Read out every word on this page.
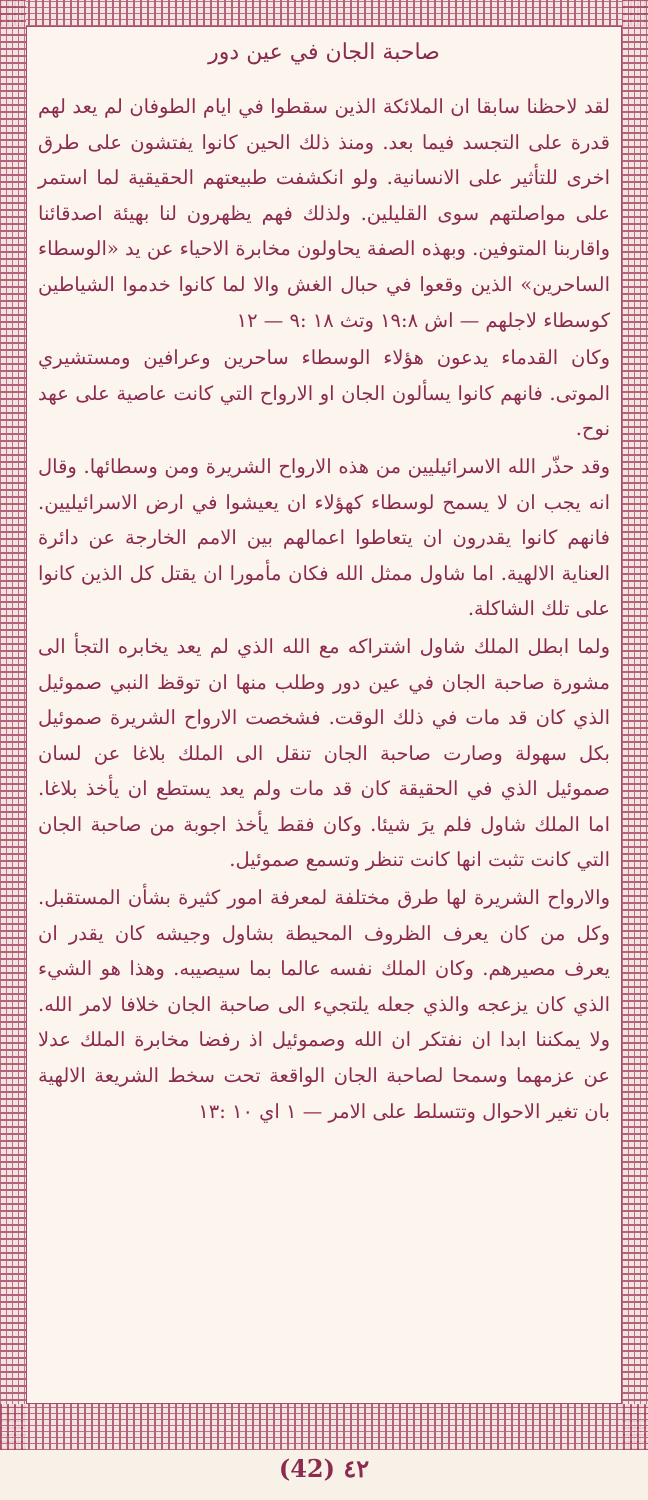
صاحبة الجان في عين دور

لقد لاحظنا سابقا ان الملائكة الذين سقطوا في ايام الطوفان لم يعد لهم قدرة على التجسد فيما بعد. ومنذ ذلك الحين كانوا يفتشون على طرق اخرى للتأثير على الانسانية. ولو انكشفت طبيعتهم الحقيقية لما استمر على مواصلتهم سوى القليلين. ولذلك فهم يظهرون لنا بهيئة اصدقائنا واقاربنا المتوفين. وبهذه الصفة يحاولون مخابرة الاحياء عن يد «الوسطاء الساحرين» الذين وقعوا في حبال الغش والا لما كانوا خدموا الشياطين كوسطاء لاجلهم — اش ١٩:٨ وتث ١٨ :٩ — ١٢

وكان القدماء يدعون هؤلاء الوسطاء ساحرين وعرافين ومستشيري الموتى. فانهم كانوا يسألون الجان او الارواح التي كانت عاصية على عهد نوح.

وقد حذّر الله الاسرائيليين من هذه الارواح الشريرة ومن وسطائها. وقال انه يجب ان لا يسمح لوسطاء كهؤلاء ان يعيشوا في ارض الاسرائيليين. فانهم كانوا يقدرون ان يتعاطوا اعمالهم بين الامم الخارجة عن دائرة العناية الالهية. اما شاول ممثل الله فكان مأمورا ان يقتل كل الذين كانوا على تلك الشاكلة.

ولما ابطل الملك شاول اشتراكه مع الله الذي لم يعد يخابره التجأ الى مشورة صاحبة الجان في عين دور وطلب منها ان توقظ النبي صموئيل الذي كان قد مات في ذلك الوقت. فشخصت الارواح الشريرة صموئيل بكل سهولة وصارت صاحبة الجان تنقل الى الملك بلاغا عن لسان صموئيل الذي في الحقيقة كان قد مات ولم يعد يستطع ان يأخذ بلاغا. اما الملك شاول فلم يرَ شيئا. وكان فقط يأخذ اجوبة من صاحبة الجان التي كانت تثبت انها كانت تنظر وتسمع صموئيل.

والارواح الشريرة لها طرق مختلفة لمعرفة امور كثيرة بشأن المستقبل. وكل من كان يعرف الظروف المحيطة بشاول وجيشه كان يقدر ان يعرف مصيرهم. وكان الملك نفسه عالما بما سيصيبه. وهذا هو الشيء الذي كان يزعجه والذي جعله يلتجيء الى صاحبة الجان خلافا لامر الله. ولا يمكننا ابدا ان نفتكر ان الله وصموئيل اذ رفضا مخابرة الملك عدلا عن عزمهما وسمحا لصاحبة الجان الواقعة تحت سخط الشريعة الالهية بان تغير الاحوال وتتسلط على الامر — ١ اي ١٠ :١٣

(42) ٤٢
